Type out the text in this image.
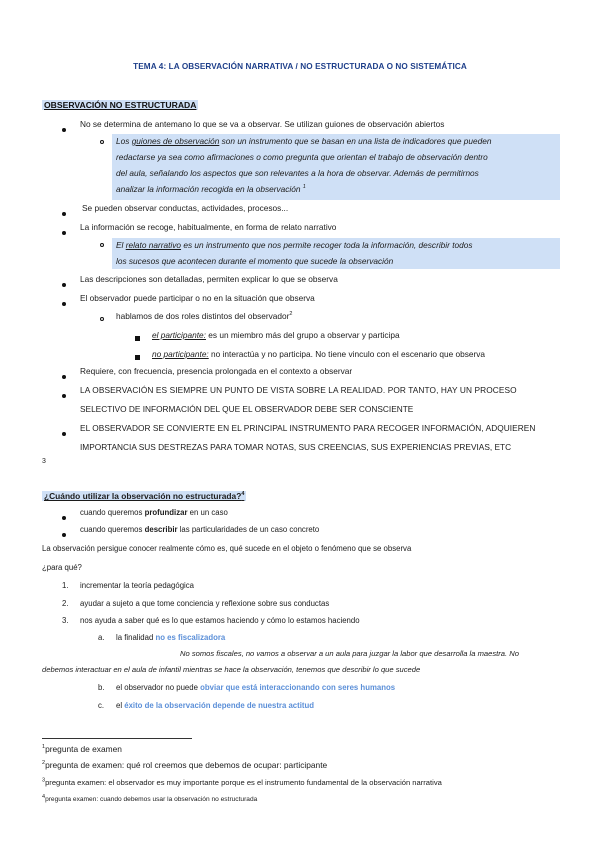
TEMA 4: LA OBSERVACIÓN NARRATIVA / NO ESTRUCTURADA O NO SISTEMÁTICA
OBSERVACIÓN NO ESTRUCTURADA
No se determina de antemano lo que se va a observar. Se utilizan guiones de observación abiertos
Los guiones de observación son un instrumento que se basan en una lista de indicadores que pueden
redactarse ya sea como afirmaciones o como pregunta que orientan el trabajo de observación dentro
del aula, señalando los aspectos que son relevantes a la hora de observar. Además de permitirnos
analizar la información recogida en la observación $^1$
Se pueden observar conductas, actividades, procesos...
La información se recoge, habitualmente, en forma de relato narrativo
El relato narrativo es un instrumento que nos permite recoger toda la información, describir todos
los sucesos que acontecen durante el momento que sucede la observación
Las descripciones son detalladas, permiten explicar lo que se observa
El observador puede participar o no en la situación que observa
hablamos de dos roles distintos del observador$^2$
el participante: es un miembro más del grupo a observar y participa
no participante: no interactúa y no participa. No tiene vinculo con el escenario que observa
Requiere, con frecuencia, presencia prolongada en el contexto a observar
LA OBSERVACIÓN ES SIEMPRE UN PUNTO DE VISTA SOBRE LA REALIDAD. POR TANTO, HAY UN PROCESO
SELECTIVO DE INFORMACIÓN DEL QUE EL OBSERVADOR DEBE SER CONSCIENTE
EL OBSERVADOR SE CONVIERTE EN EL PRINCIPAL INSTRUMENTO PARA RECOGER INFORMACIÓN, ADQUIEREN
IMPORTANCIA SUS DESTREZAS PARA TOMAR NOTAS, SUS CREENCIAS, SUS EXPERIENCIAS PREVIAS, ETC
3
¿Cuándo utilizar la observación no estructurada?$^4$
cuando queremos profundizar en un caso
cuando queremos describir las particularidades de un caso concreto
La observación persigue conocer realmente cómo es, qué sucede en el objeto o fenómeno que se observa
¿para qué?
1. incrementar la teoría pedagógica
2. ayudar a sujeto a que tome conciencia y reflexione sobre sus conductas
3. nos ayuda a saber qué es lo que estamos haciendo y cómo lo estamos haciendo
a. la finalidad no es fiscalizadora
No somos fiscales, no vamos a observar a un aula para juzgar la labor que desarrolla la maestra. No
debemos interactuar en el aula de infantil mientras se hace la observación, tenemos que describir lo que sucede
b. el observador no puede obviar que está interaccionando con seres humanos
c. el éxito de la observación depende de nuestra actitud
$^1$pregunta de examen
$^2$pregunta de examen: qué rol creemos que debemos de ocupar: participante
$^3$pregunta examen: el observador es muy importante porque es el instrumento fundamental de la observación narrativa
$^4$pregunta examen: cuando debemos usar la observación no estructurada
